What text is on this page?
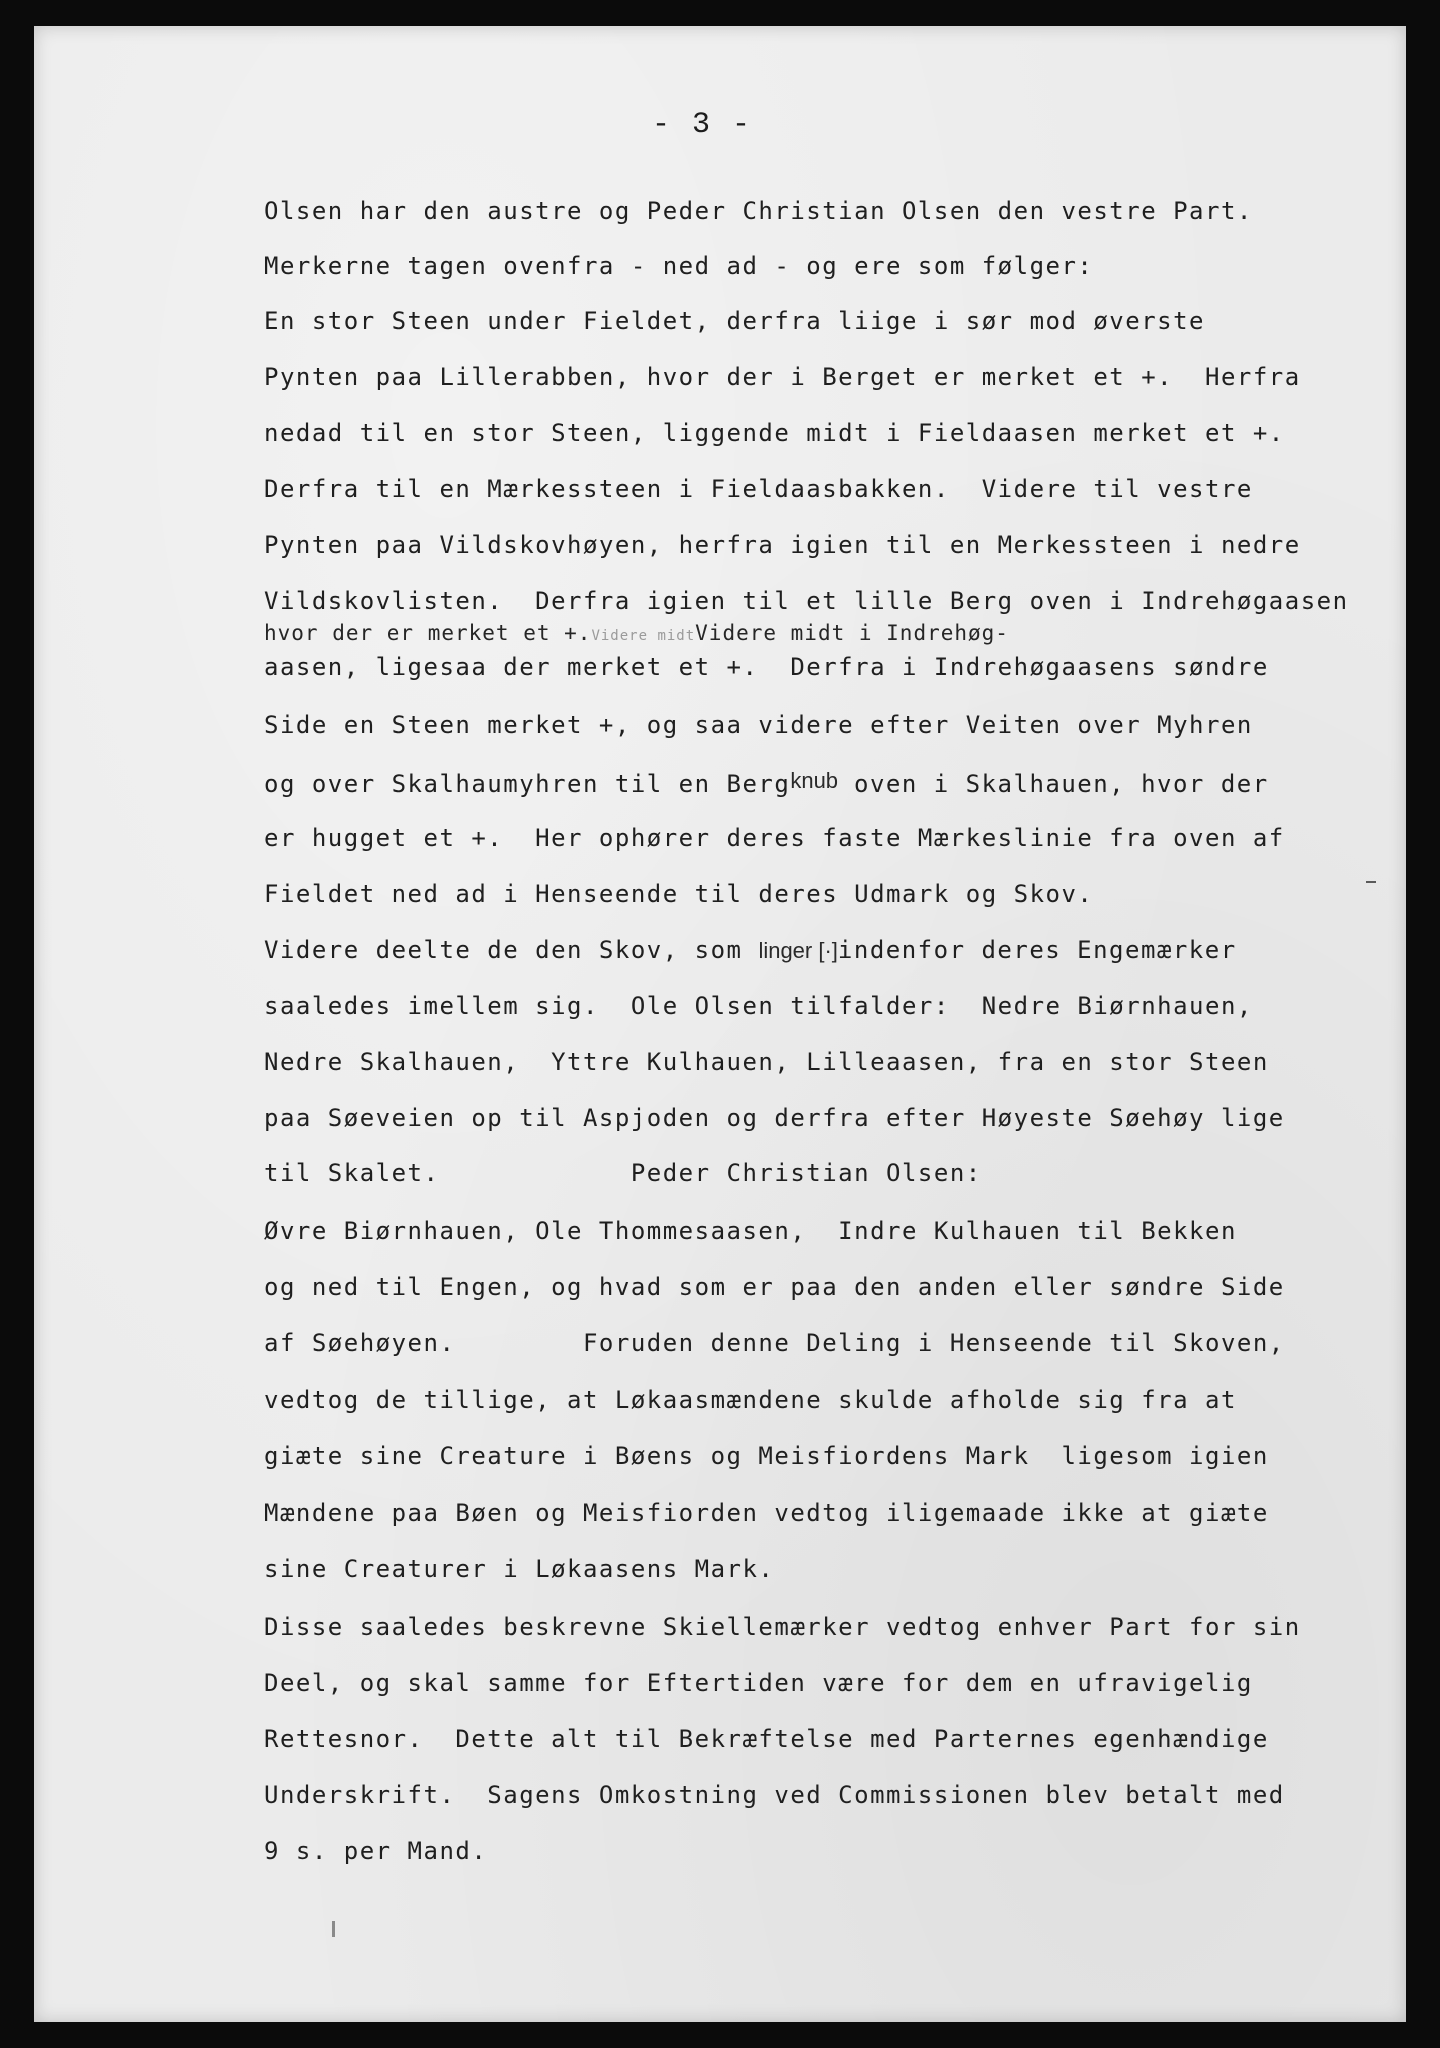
- 3 -

Olsen har den austre og Peder Christian Olsen den vestre Part.

Merkerne tagen ovenfra - ned ad - og ere som følger:

En stor Steen under Fieldet, derfra liige i sør mod øverste

Pynten paa Lillerabben, hvor der i Berget er merket et +.  Herfra

nedad til en stor Steen, liggende midt i Fieldaasen merket et +.

Derfra til en Mærkessteen i Fieldaasbakken.  Videre til vestre

Pynten paa Vildskovhøyen, herfra igien til en Merkessteen i nedre

Vildskovlisten.  Derfra igien til et lille Berg oven i Indrehøgaasen

hvor der er merket et +.Videre midtVidere midt i Indrehøg-

aasen, ligesaa der merket et +.  Derfra i Indrehøgaasens søndre

Side en Steen merket +, og saa videre efter Veiten over Myhren

og over Skalhaumyhren til en Bergknub oven i Skalhauen, hvor der

er hugget et +.  Her ophører deres faste Mærkeslinie fra oven af

Fieldet ned ad i Henseende til deres Udmark og Skov.

Videre deelte de den Skov, som linger [·]indenfor deres Engemærker

saaledes imellem sig.  Ole Olsen tilfalder:  Nedre Biørnhauen,

Nedre Skalhauen,  Yttre Kulhauen, Lilleaasen, fra en stor Steen

paa Søeveien op til Aspjoden og derfra efter Høyeste Søehøy lige

til Skalet.            Peder Christian Olsen:

Øvre Biørnhauen, Ole Thommesaasen,  Indre Kulhauen til Bekken

og ned til Engen, og hvad som er paa den anden eller søndre Side

af Søehøyen.        Foruden denne Deling i Henseende til Skoven,

vedtog de tillige, at Løkaasmændene skulde afholde sig fra at

giæte sine Creature i Bøens og Meisfiordens Mark  ligesom igien

Mændene paa Bøen og Meisfiorden vedtog iligemaade ikke at giæte

sine Creaturer i Løkaasens Mark.

Disse saaledes beskrevne Skiellemærker vedtog enhver Part for sin

Deel, og skal samme for Eftertiden være for dem en ufravigelig

Rettesnor.  Dette alt til Bekræftelse med Parternes egenhændige

Underskrift.  Sagens Omkostning ved Commissionen blev betalt med

9 s. per Mand.
